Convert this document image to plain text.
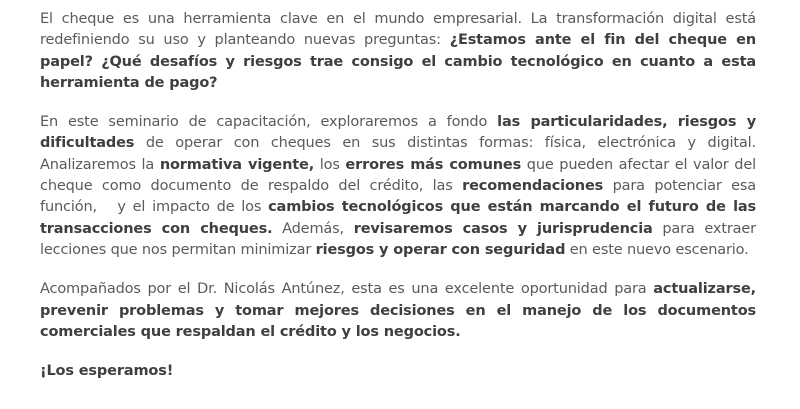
El cheque es una herramienta clave en el mundo empresarial. La transformación digital está redefiniendo su uso y planteando nuevas preguntas: ¿Estamos ante el fin del cheque en papel? ¿Qué desafíos y riesgos trae consigo el cambio tecnológico en cuanto a esta herramienta de pago?

En este seminario de capacitación, exploraremos a fondo las particularidades, riesgos y dificultades de operar con cheques en sus distintas formas: física, electrónica y digital. Analizaremos la normativa vigente, los errores más comunes que pueden afectar el valor del cheque como documento de respaldo del crédito, las recomendaciones para potenciar esa función,   y el impacto de los cambios tecnológicos que están marcando el futuro de las transacciones con cheques. Además, revisaremos casos y jurisprudencia para extraer lecciones que nos permitan minimizar riesgos y operar con seguridad en este nuevo escenario.

Acompañados por el Dr. Nicolás Antúnez, esta es una excelente oportunidad para actualizarse, prevenir problemas y tomar mejores decisiones en el manejo de los documentos comerciales que respaldan el crédito y los negocios.

¡Los esperamos!
